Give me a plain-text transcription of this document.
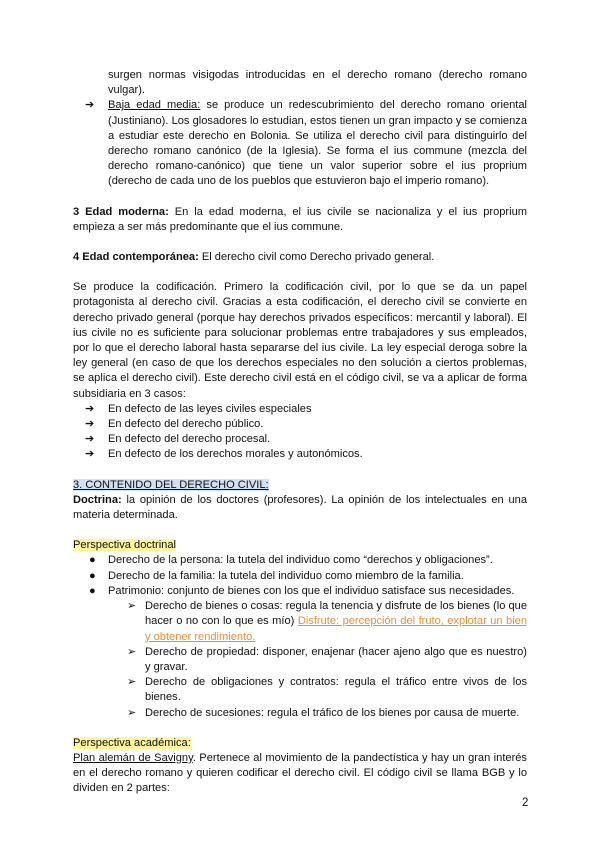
surgen normas visigodas introducidas en el derecho romano (derecho romano vulgar).

➔ Baja edad media: se produce un redescubrimiento del derecho romano oriental (Justiniano). Los glosadores lo estudian, estos tienen un gran impacto y se comienza a estudiar este derecho en Bolonia. Se utiliza el derecho civil para distinguirlo del derecho romano canónico (de la Iglesia). Se forma el ius commune (mezcla del derecho romano-canónico) que tiene un valor superior sobre el ius proprium (derecho de cada uno de los pueblos que estuvieron bajo el imperio romano).

3 Edad moderna: En la edad moderna, el ius civile se nacionaliza y el ius proprium empieza a ser más predominante que el ius commune.

4 Edad contemporánea: El derecho civil como Derecho privado general.

Se produce la codificación. Primero la codificación civil, por lo que se da un papel protagonista al derecho civil. Gracias a esta codificación, el derecho civil se convierte en derecho privado general (porque hay derechos privados específicos: mercantil y laboral). El ius civile no es suficiente para solucionar problemas entre trabajadores y sus empleados, por lo que el derecho laboral hasta separarse del ius civile. La ley especial deroga sobre la ley general (en caso de que los derechos especiales no den solución a ciertos problemas, se aplica el derecho civil). Este derecho civil está en el código civil, se va a aplicar de forma subsidiaria en 3 casos:

➔ En defecto de las leyes civiles especiales

➔ En defecto del derecho público.

➔ En defecto del derecho procesal.

➔ En defecto de los derechos morales y autonómicos.

3. CONTENIDO DEL DERECHO CIVIL:

Doctrina: la opinión de los doctores (profesores). La opinión de los intelectuales en una materia determinada.

Perspectiva doctrinal

● Derecho de la persona: la tutela del individuo como “derechos y obligaciones”.

● Derecho de la familia: la tutela del individuo como miembro de la familia.

● Patrimonio: conjunto de bienes con los que el individuo satisface sus necesidades.

➢ Derecho de bienes o cosas: regula la tenencia y disfrute de los bienes (lo que hacer o no con lo que es mío) Disfrute: percepción del fruto, explotar un bien y obtener rendimiento.

➢ Derecho de propiedad: disponer, enajenar (hacer ajeno algo que es nuestro) y gravar.

➢ Derecho de obligaciones y contratos: regula el tráfico entre vivos de los bienes.

➢ Derecho de sucesiones: regula el tráfico de los bienes por causa de muerte.

Perspectiva académica:

Plan alemán de Savigny. Pertenece al movimiento de la pandectística y hay un gran interés en el derecho romano y quieren codificar el derecho civil. El código civil se llama BGB y lo dividen en 2 partes:

2
